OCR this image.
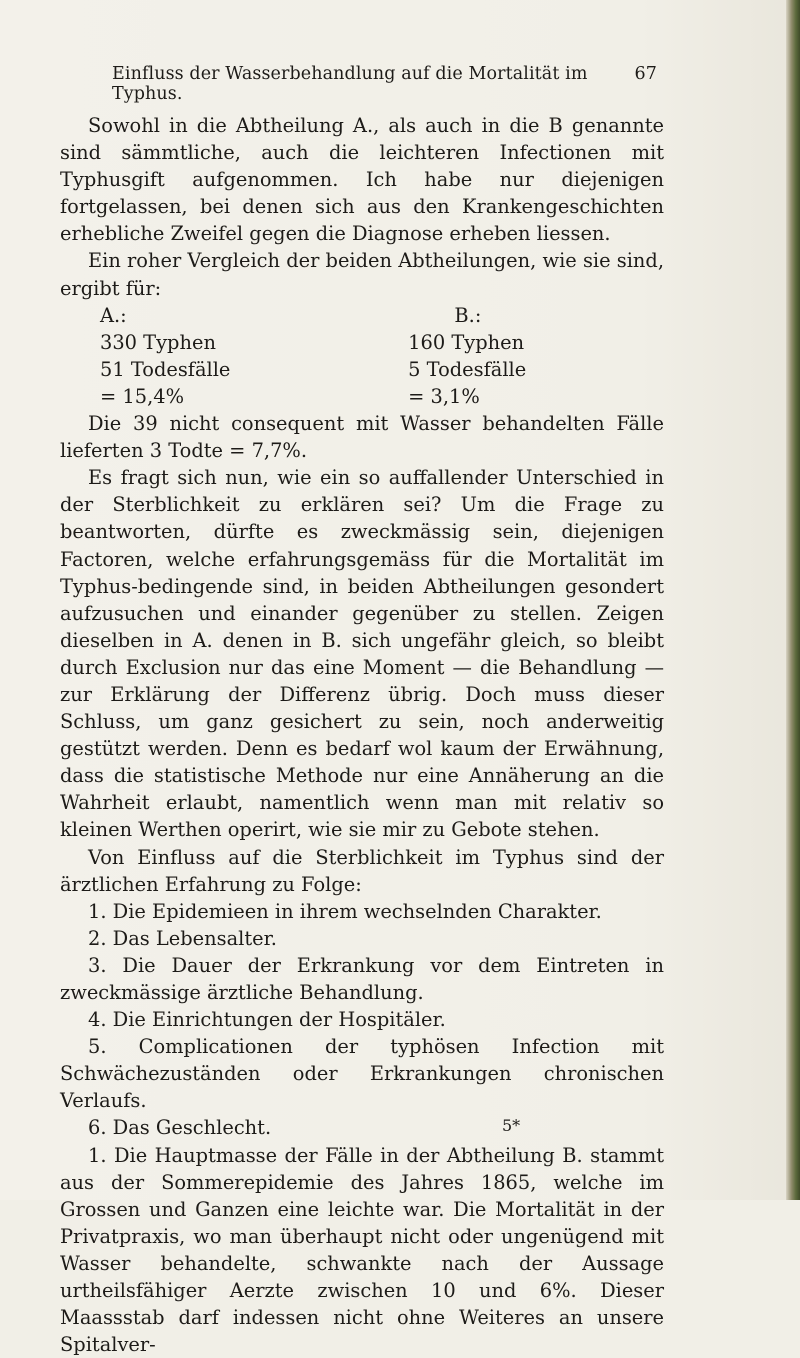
Einfluss der Wasserbehandlung auf die Mortalität im Typhus.
67

Sowohl in die Abtheilung A., als auch in die B genannte sind sämmtliche, auch die leichteren Infectionen mit Typhusgift aufgenommen. Ich habe nur diejenigen fortgelassen, bei denen sich aus den Krankengeschichten erhebliche Zweifel gegen die Diagnose erheben liessen.

Ein roher Vergleich der beiden Abtheilungen, wie sie sind, ergibt für:

A.:	B.:
330 Typhen	160 Typhen
51 Todesfälle	5 Todesfälle
= 15,4%	= 3,1%

Die 39 nicht consequent mit Wasser behandelten Fälle lieferten 3 Todte = 7,7%.

Es fragt sich nun, wie ein so auffallender Unterschied in der Sterblichkeit zu erklären sei? Um die Frage zu beantworten, dürfte es zweckmässig sein, diejenigen Factoren, welche erfahrungsgemäss für die Mortalität im Typhus-bedingende sind, in beiden Abtheilungen gesondert aufzusuchen und einander gegenüber zu stellen. Zeigen dieselben in A. denen in B. sich ungefähr gleich, so bleibt durch Exclusion nur das eine Moment — die Behandlung — zur Erklärung der Differenz übrig. Doch muss dieser Schluss, um ganz gesichert zu sein, noch anderweitig gestützt werden. Denn es bedarf wol kaum der Erwähnung, dass die statistische Methode nur eine Annäherung an die Wahrheit erlaubt, namentlich wenn man mit relativ so kleinen Werthen operirt, wie sie mir zu Gebote stehen.

Von Einfluss auf die Sterblichkeit im Typhus sind der ärztlichen Erfahrung zu Folge:

1. Die Epidemieen in ihrem wechselnden Charakter.

2. Das Lebensalter.

3. Die Dauer der Erkrankung vor dem Eintreten in zweckmässige ärztliche Behandlung.

4. Die Einrichtungen der Hospitäler.

5. Complicationen der typhösen Infection mit Schwächezuständen oder Erkrankungen chronischen Verlaufs.

6. Das Geschlecht.

1. Die Hauptmasse der Fälle in der Abtheilung B. stammt aus der Sommerepidemie des Jahres 1865, welche im Grossen und Ganzen eine leichte war. Die Mortalität in der Privatpraxis, wo man überhaupt nicht oder ungenügend mit Wasser behandelte, schwankte nach der Aussage urtheilsfähiger Aerzte zwischen 10 und 6%. Dieser Maassstab darf indessen nicht ohne Weiteres an unsere Spitalver-

5*
